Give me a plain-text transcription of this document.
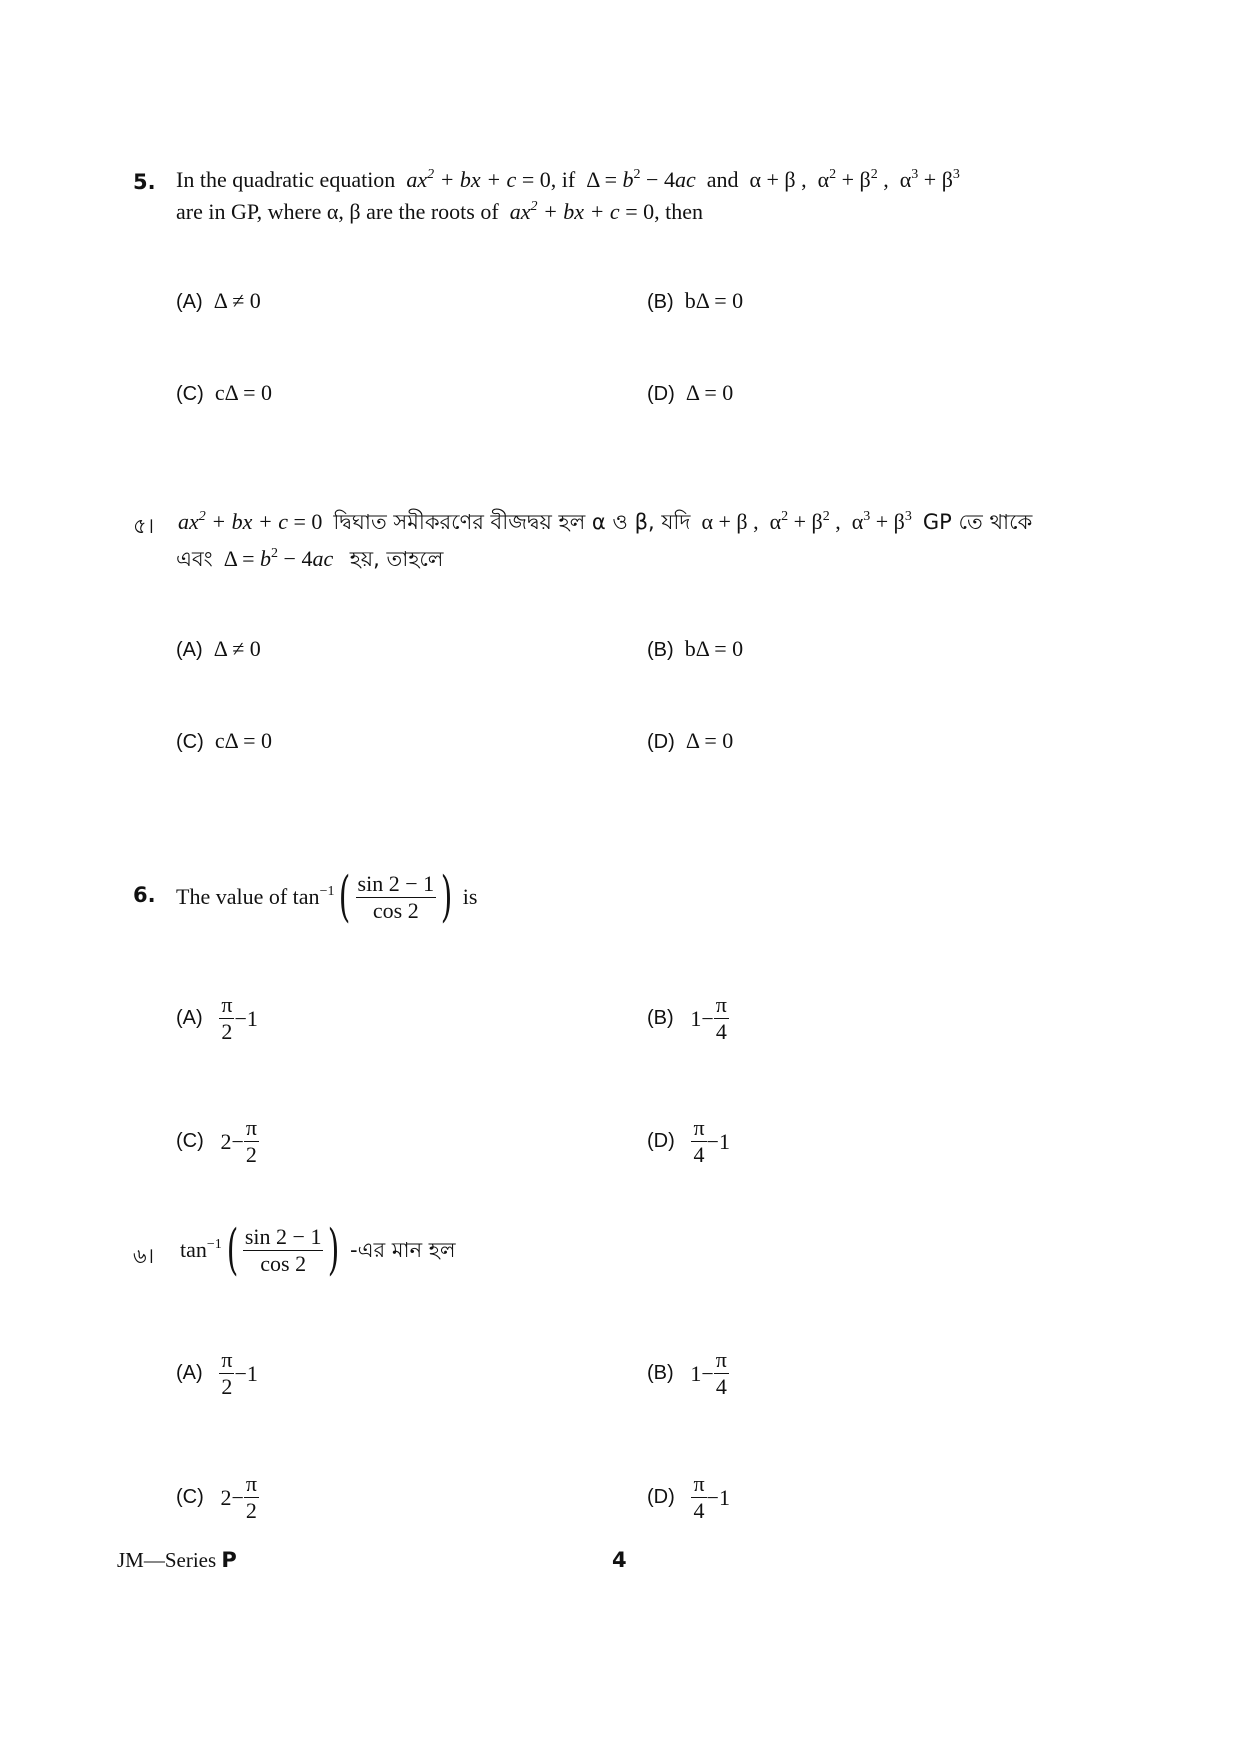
5. In the quadratic equation $ax^2$ + bx + c = 0, if $\Delta = b^2 - 4ac$ and α + β ,  $\alpha^2 + \beta^2$ ,  $\alpha^3 + \beta^3$
are in GP, where α, β are the roots of $ax^2$ + bx + c = 0, then
(A) Δ ≠ 0	(B) bΔ = 0
(C) cΔ = 0	(D) Δ = 0
৫। $ax^2$ + bx + c = 0 দ্বিঘাত সমীকরণের বীজদ্বয় হল α ও β, যদি α + β ,  $\alpha^2 + \beta^2$ ,  $\alpha^3 + \beta^3$ GP তে থাকে
এবং $\Delta = b^2 - 4ac$ হয়, তাহলে
(A) Δ ≠ 0	(B) bΔ = 0
(C) cΔ = 0	(D) Δ = 0
6. The value of
$\tan^{-1}$ ( $\frac{\sin 2 - 1}{\cos 2}$ )
is
(A)
$\frac{\pi}{2} -1$	(B)
$1- \frac{\pi}{4}$
(C)
$2- \frac{\pi}{2}$	(D)
$\frac{\pi}{4} -1$
৬। $\tan^{-1}$ ( $\frac{\sin 2 - 1}{\cos 2}$ )
-এর মান হল
(A)
$\frac{\pi}{2} -1$	(B)
$1- \frac{\pi}{4}$
(C)
$2- \frac{\pi}{2}$	(D)
$\frac{\pi}{4} -1$
JM—Series P	4
